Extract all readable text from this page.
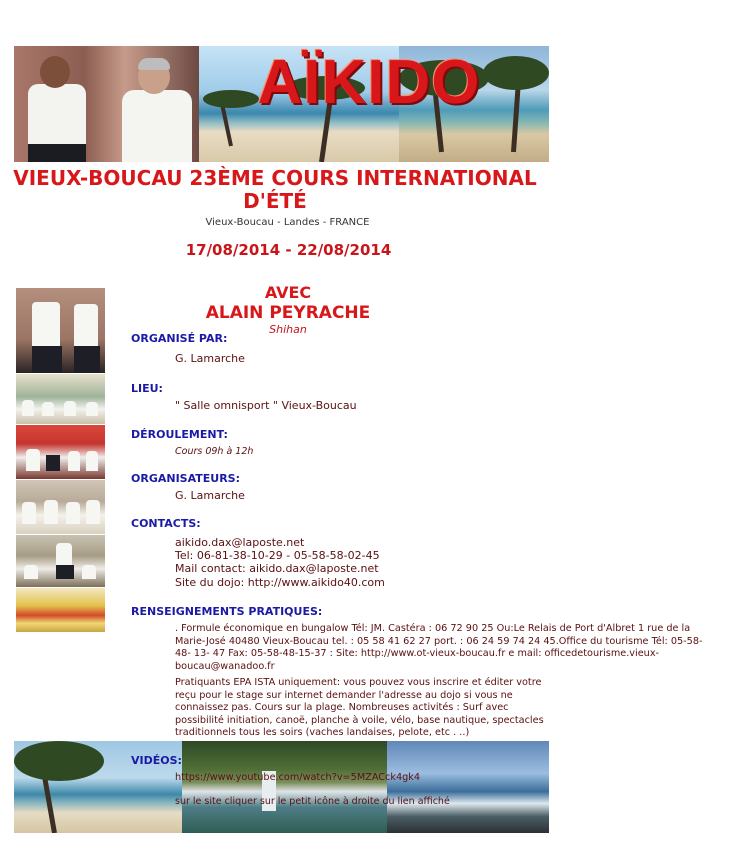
AÏKIDO
VIEUX-BOUCAU 23ÈME COURS INTERNATIONAL D'ÉTÉ
Vieux-Boucau - Landes - FRANCE
17/08/2014 - 22/08/2014
AVEC
ALAIN PEYRACHE
Shihan
ORGANISÉ PAR:
G. Lamarche
LIEU:
" Salle omnisport " Vieux-Boucau
DÉROULEMENT:
Cours 09h à 12h
ORGANISATEURS:
G. Lamarche
CONTACTS:
aikido.dax@laposte.net
Tel: 06-81-38-10-29 - 05-58-58-02-45
Mail contact: aikido.dax@laposte.net
Site du dojo: http://www.aikido40.com
RENSEIGNEMENTS PRATIQUES:
. Formule économique en bungalow Tél: JM. Castéra : 06 72 90 25 Ou:Le Relais de Port d'Albret 1 rue de la Marie-José 40480 Vieux-Boucau tel. : 05 58 41 62 27 port. : 06 24 59 74 24 45.Office du tourisme Tél: 05-58- 48- 13- 47 Fax: 05-58-48-15-37 : Site: http://www.ot-vieux-boucau.fr e mail: officedetourisme.vieux-boucau@wanadoo.fr
Pratiquants EPA ISTA uniquement: vous pouvez vous inscrire et éditer votre reçu pour le stage sur internet demander l'adresse au dojo si vous ne connaissez pas. Cours sur la plage. Nombreuses activités : Surf avec possibilité initiation, canoë, planche à voile, vélo, base nautique, spectacles traditionnels tous les soirs (vaches landaises, pelote, etc . ..)
VIDÉOS:
https://www.youtube.com/watch?v=5MZACck4gk4
sur le site cliquer sur le petit icône à droite du lien affiché
